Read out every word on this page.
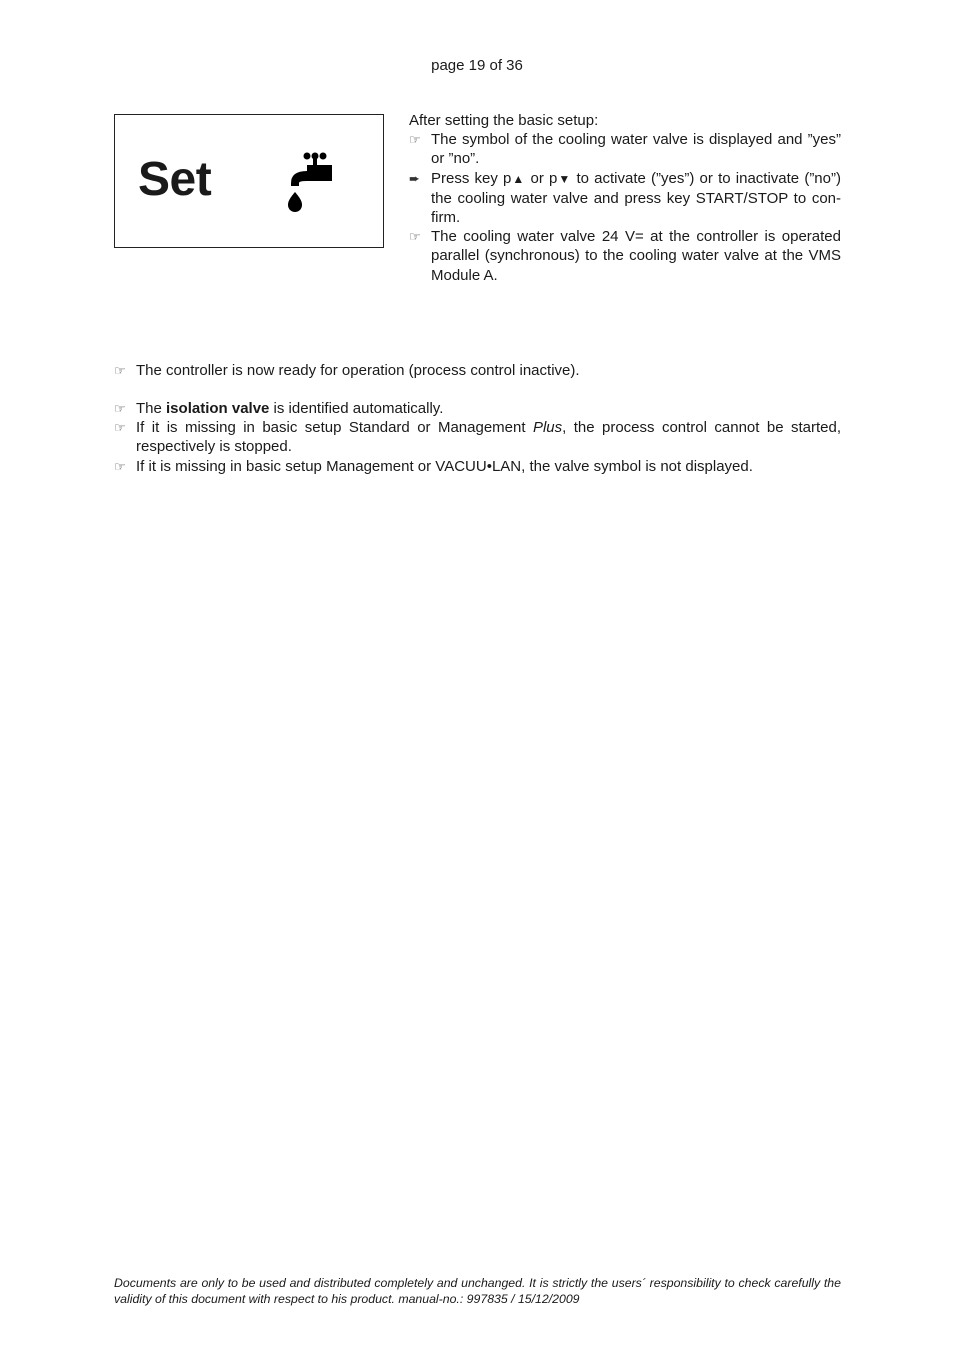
page 19 of 36
Set
After setting the basic setup:
☞ The symbol of the cooling water valve is displayed and ”yes” or ”no”.
➨ Press key p▲ or p▼ to activate (”yes”) or to inactivate (”no”) the cooling water valve and press key START/STOP to con-firm.
☞ The cooling water valve 24 V= at the controller is operated parallel (synchronous) to the cooling water valve at the VMS Module A.
☞ The controller is now ready for operation (process control inactive).
☞ The isolation valve is identified automatically.
☞ If it is missing in basic setup Standard or Management Plus, the process control cannot be started, respectively is stopped.
☞ If it is missing in basic setup Management or VACUU•LAN, the valve symbol is not displayed.
Documents are only to be used and distributed completely and unchanged. It is strictly the users´ responsibility to check carefully the validity of this document with respect to his product. manual-no.: 997835 / 15/12/2009
